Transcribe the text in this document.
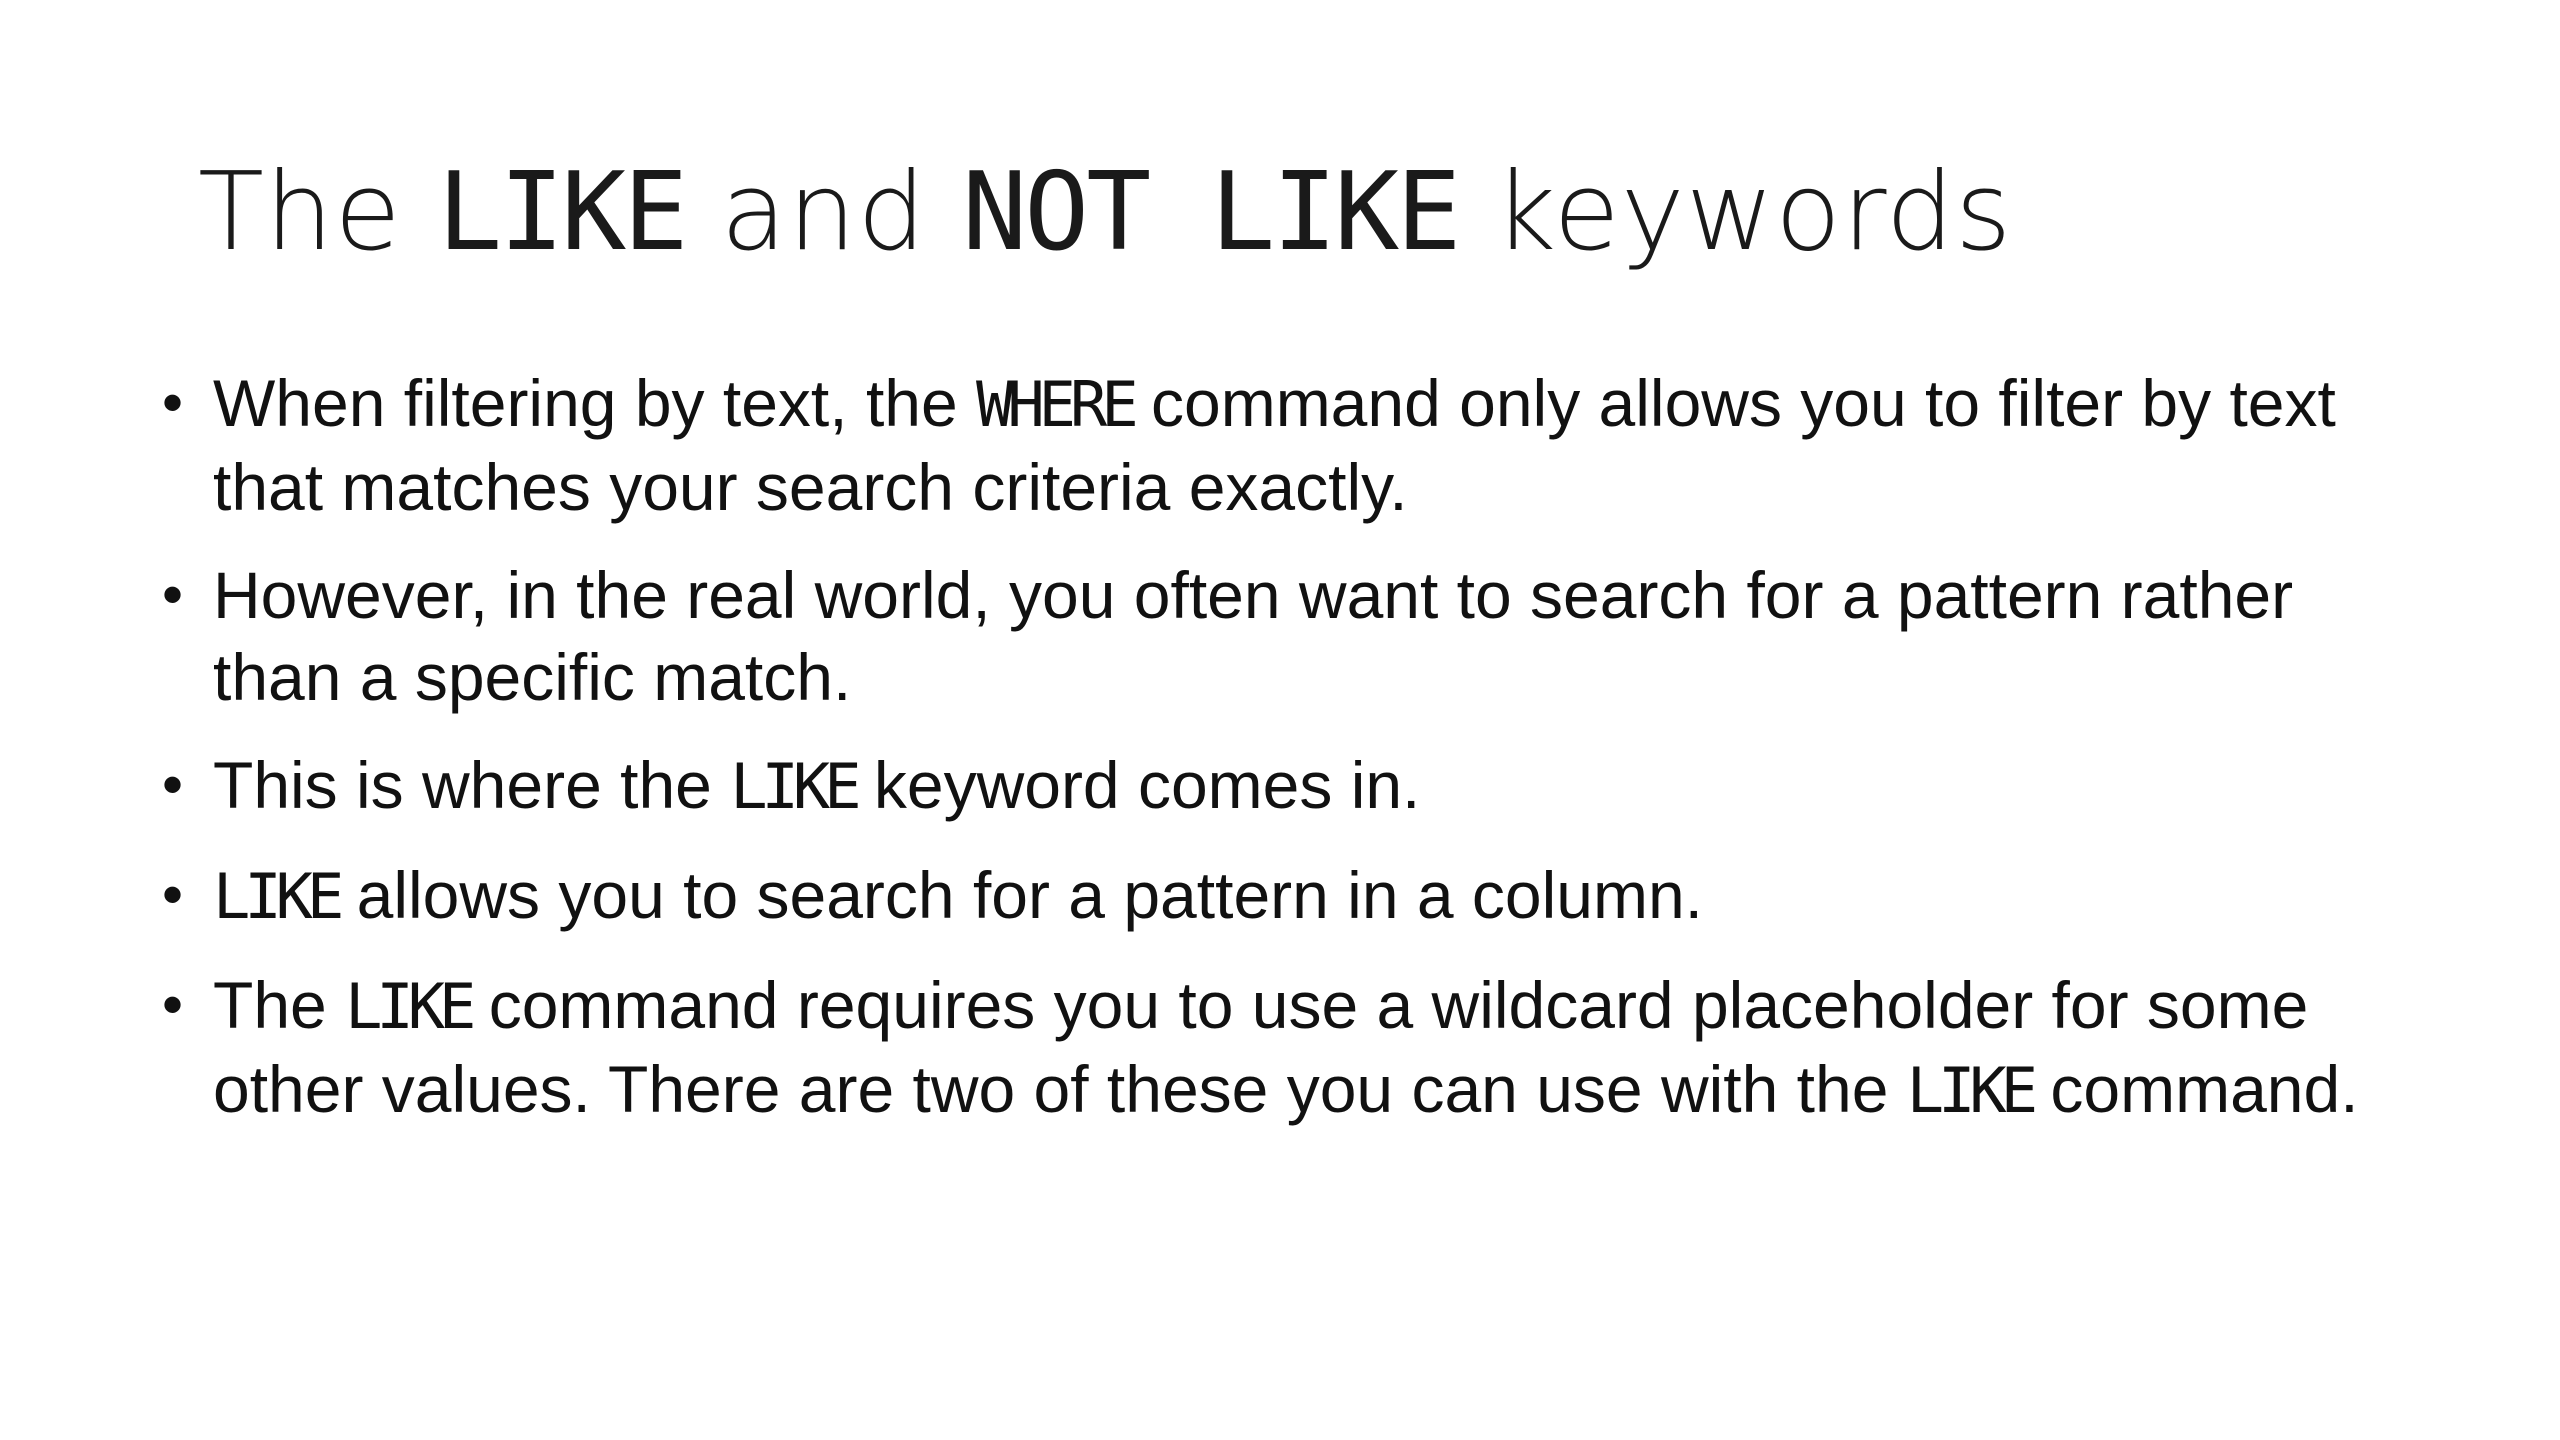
The LIKE and NOT LIKE keywords
• When filtering by text, the WHERE command only allows you to filter by text that matches your search criteria exactly.
• However, in the real world, you often want to search for a pattern rather than a specific match.
• This is where the LIKE keyword comes in.
• LIKE allows you to search for a pattern in a column.
• The LIKE command requires you to use a wildcard placeholder for some other values. There are two of these you can use with the LIKE command.
